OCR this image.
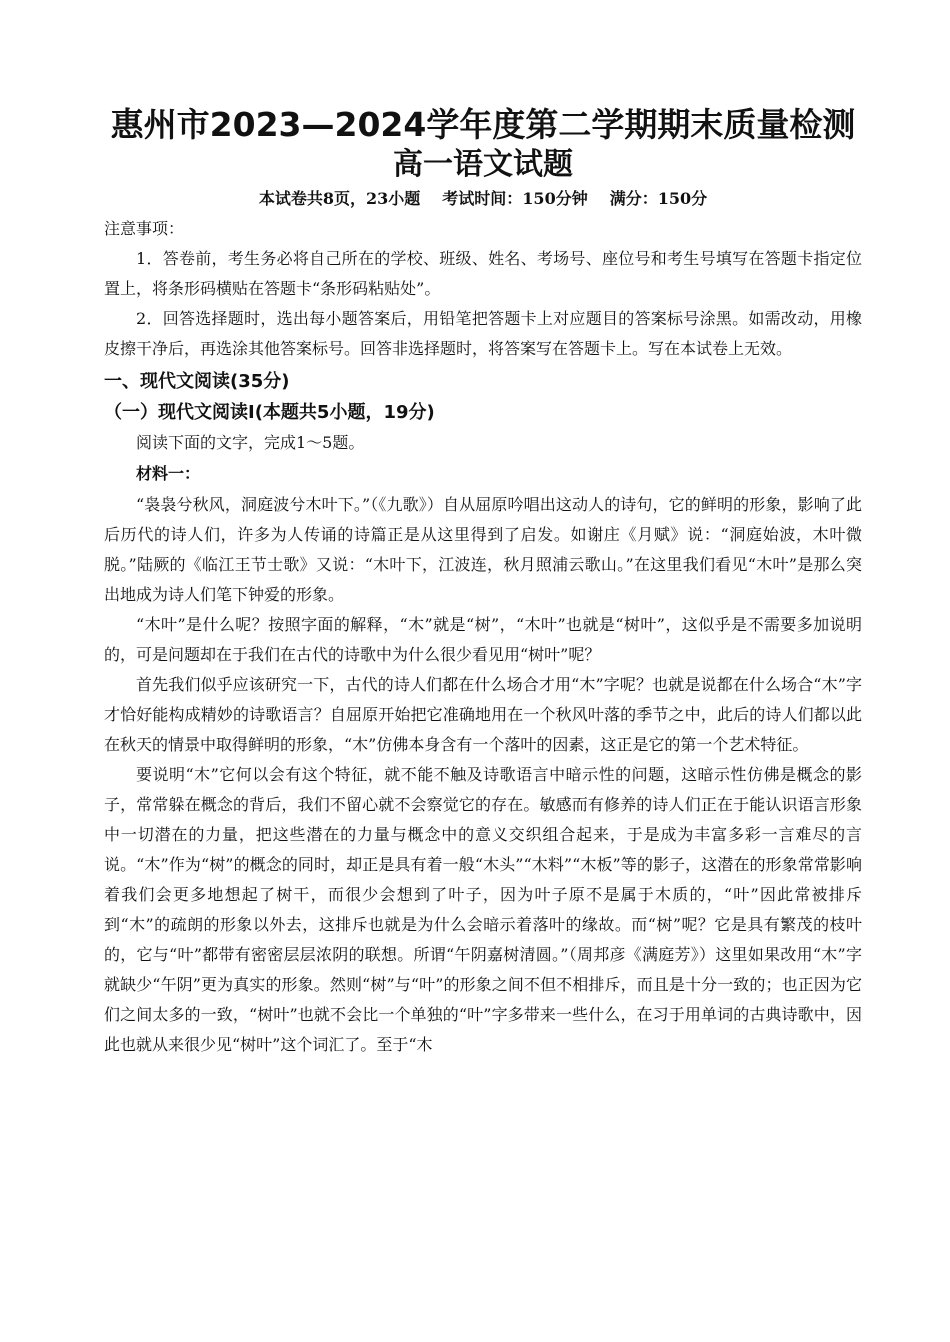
惠州市2023—2024学年度第二学期期末质量检测
高一语文试题
本试卷共8页，23小题 考试时间：150分钟 满分：150分
注意事项：

1．答卷前，考生务必将自己所在的学校、班级、姓名、考场号、座位号和考生号填写在答题卡指定位置上，将条形码横贴在答题卡“条形码粘贴处”。

2．回答选择题时，选出每小题答案后，用铅笔把答题卡上对应题目的答案标号涂黑。如需改动，用橡皮擦干净后，再选涂其他答案标号。回答非选择题时，将答案写在答题卡上。写在本试卷上无效。

一、现代文阅读(35分)
（一）现代文阅读Ⅰ(本题共5小题，19分)
阅读下面的文字，完成1～5题。
材料一：

“袅袅兮秋风，洞庭波兮木叶下。”（《九歌》）自从屈原吟唱出这动人的诗句，它的鲜明的形象，影响了此后历代的诗人们，许多为人传诵的诗篇正是从这里得到了启发。如谢庄《月赋》说：“洞庭始波，木叶微脱。”陆厥的《临江王节士歌》又说：“木叶下，江波连，秋月照浦云歌山。”在这里我们看见“木叶”是那么突出地成为诗人们笔下钟爱的形象。

“木叶”是什么呢？按照字面的解释，“木”就是“树”，“木叶”也就是“树叶”，这似乎是不需要多加说明的，可是问题却在于我们在古代的诗歌中为什么很少看见用“树叶”呢？

首先我们似乎应该研究一下，古代的诗人们都在什么场合才用“木”字呢？也就是说都在什么场合“木”字才恰好能构成精妙的诗歌语言？自屈原开始把它准确地用在一个秋风叶落的季节之中，此后的诗人们都以此在秋天的情景中取得鲜明的形象，“木”仿佛本身含有一个落叶的因素，这正是它的第一个艺术特征。

要说明“木”它何以会有这个特征，就不能不触及诗歌语言中暗示性的问题，这暗示性仿佛是概念的影子，常常躲在概念的背后，我们不留心就不会察觉它的存在。敏感而有修养的诗人们正在于能认识语言形象中一切潜在的力量，把这些潜在的力量与概念中的意义交织组合起来，于是成为丰富多彩一言难尽的言说。“木”作为“树”的概念的同时，却正是具有着一般“木头”“木料”“木板”等的影子，这潜在的形象常常影响着我们会更多地想起了树干，而很少会想到了叶子，因为叶子原不是属于木质的，“叶”因此常被排斥到“木”的疏朗的形象以外去，这排斥也就是为什么会暗示着落叶的缘故。而“树”呢？它是具有繁茂的枝叶的，它与“叶”都带有密密层层浓阴的联想。所谓“午阴嘉树清圆。”（周邦彦《满庭芳》）这里如果改用“木”字就缺少“午阴”更为真实的形象。然则“树”与“叶”的形象之间不但不相排斥，而且是十分一致的；也正因为它们之间太多的一致，“树叶”也就不会比一个单独的“叶”字多带来一些什么，在习于用单词的古典诗歌中，因此也就从来很少见“树叶”这个词汇了。至于“木
